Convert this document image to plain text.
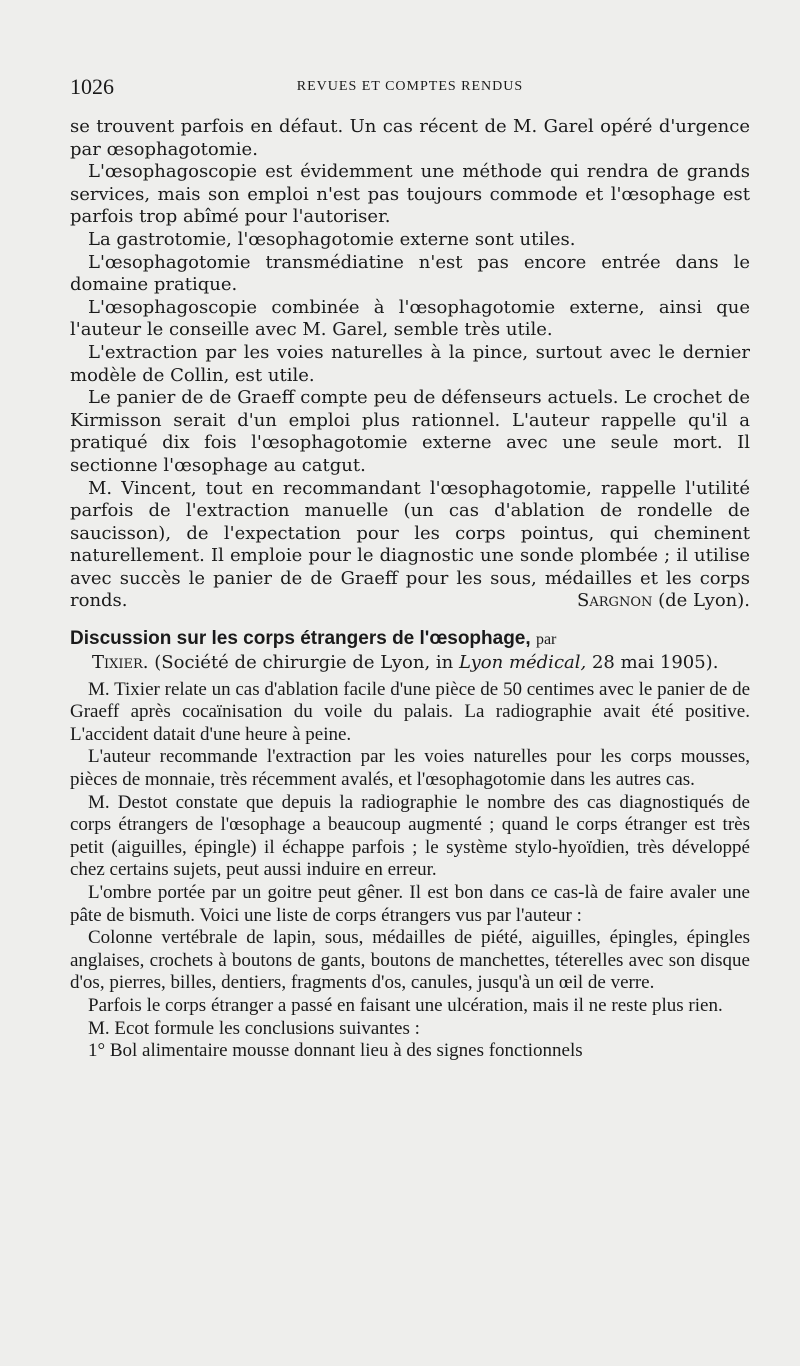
1026	REVUES ET COMPTES RENDUS

se trouvent parfois en défaut. Un cas récent de M. Garel opéré d'urgence par œsophagotomie.

L'œsophagoscopie est évidemment une méthode qui rendra de grands services, mais son emploi n'est pas toujours commode et l'œsophage est parfois trop abîmé pour l'autoriser.

La gastrotomie, l'œsophagotomie externe sont utiles.

L'œsophagotomie transmédiatine n'est pas encore entrée dans le domaine pratique.

L'œsophagoscopie combinée à l'œsophagotomie externe, ainsi que l'auteur le conseille avec M. Garel, semble très utile.

L'extraction par les voies naturelles à la pince, surtout avec le dernier modèle de Collin, est utile.

Le panier de de Graeff compte peu de défenseurs actuels. Le crochet de Kirmisson serait d'un emploi plus rationnel. L'auteur rappelle qu'il a pratiqué dix fois l'œsophagotomie externe avec une seule mort. Il sectionne l'œsophage au catgut.

M. Vincent, tout en recommandant l'œsophagotomie, rappelle l'utilité parfois de l'extraction manuelle (un cas d'ablation de rondelle de saucisson), de l'expectation pour les corps pointus, qui cheminent naturellement. Il emploie pour le diagnostic une sonde plombée ; il utilise avec succès le panier de de Graeff pour les sous, médailles et les corps ronds.	Sargnon (de Lyon).

Discussion sur les corps étrangers de l'œsophage, par

Tixier. (Société de chirurgie de Lyon, in Lyon médical, 28 mai 1905).

M. Tixier relate un cas d'ablation facile d'une pièce de 50 centimes avec le panier de de Graeff après cocaïnisation du voile du palais. La radiographie avait été positive. L'accident datait d'une heure à peine.

L'auteur recommande l'extraction par les voies naturelles pour les corps mousses, pièces de monnaie, très récemment avalés, et l'œsophagotomie dans les autres cas.

M. Destot constate que depuis la radiographie le nombre des cas diagnostiqués de corps étrangers de l'œsophage a beaucoup augmenté ; quand le corps étranger est très petit (aiguilles, épingle) il échappe parfois ; le système stylo-hyoïdien, très développé chez certains sujets, peut aussi induire en erreur.

L'ombre portée par un goitre peut gêner. Il est bon dans ce cas-là de faire avaler une pâte de bismuth. Voici une liste de corps étrangers vus par l'auteur :

Colonne vertébrale de lapin, sous, médailles de piété, aiguilles, épingles, épingles anglaises, crochets à boutons de gants, boutons de manchettes, téterelles avec son disque d'os, pierres, billes, dentiers, fragments d'os, canules, jusqu'à un œil de verre.

Parfois le corps étranger a passé en faisant une ulcération, mais il ne reste plus rien.

M. Ecot formule les conclusions suivantes :

1° Bol alimentaire mousse donnant lieu à des signes fonctionnels
